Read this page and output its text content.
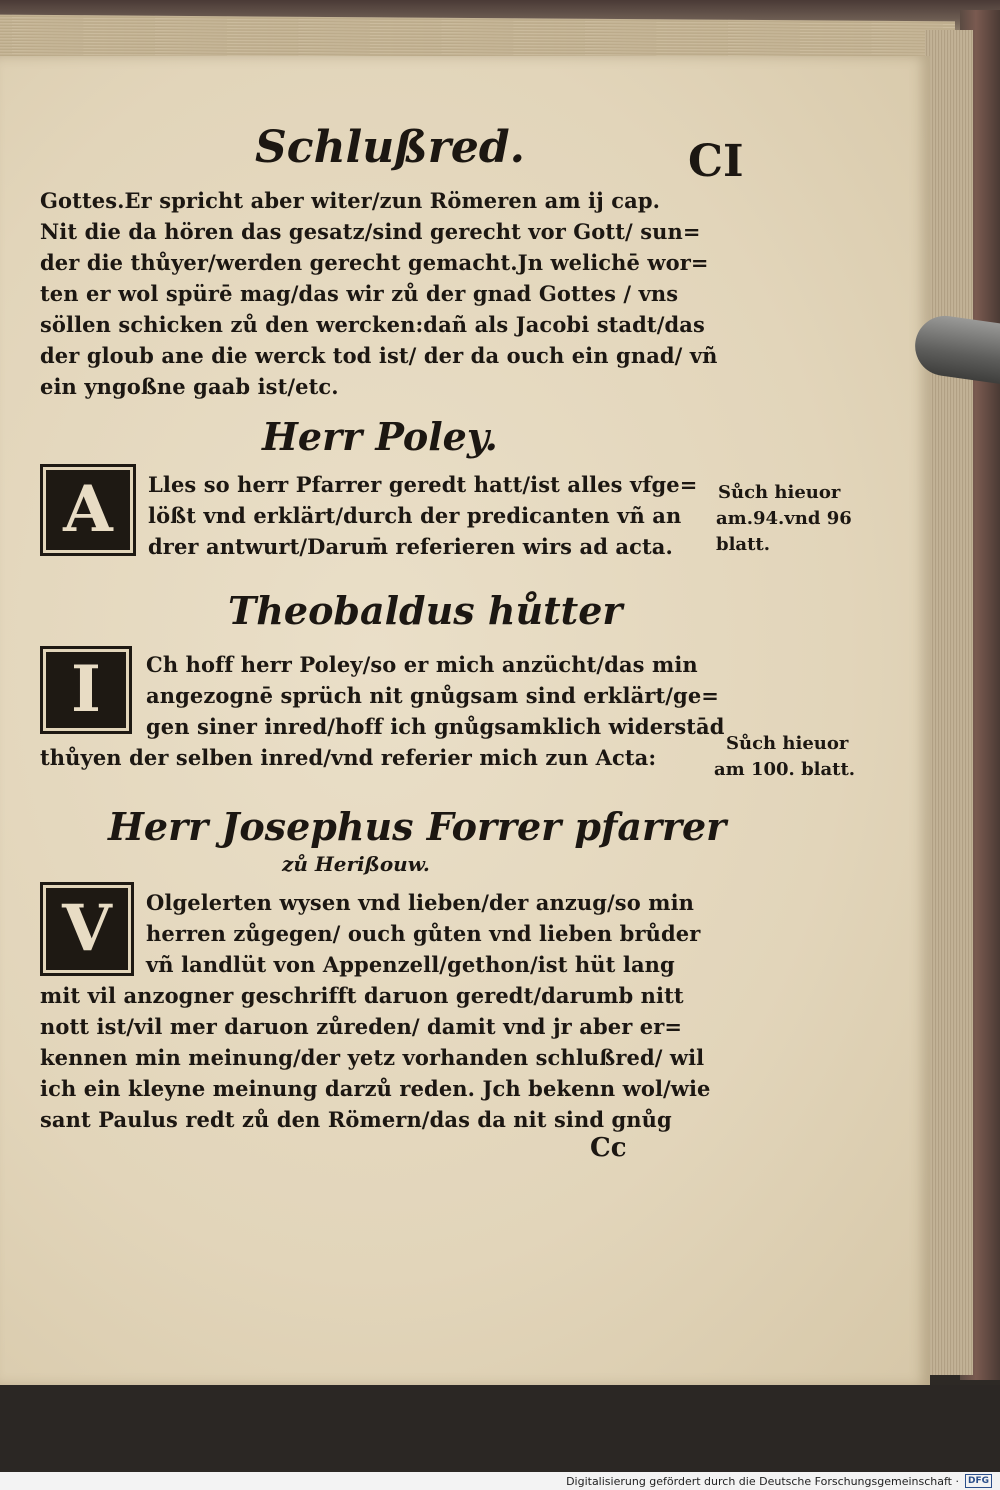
Schlußred.	CI
Gottes.Er spricht aber witer/zun Römeren am ij cap.
Nit die da hören das gesatz/sind gerecht vor Gott/ sun=
der die thůyer/werden gerecht gemacht.Jn welichē wor=
ten er wol spürē mag/das wir zů der gnad Gottes / vns
söllen schicken zů den wercken:dañ als Jacobi stadt/das
der gloub ane die werck tod ist/ der da ouch ein gnad/ vñ
ein yngoßne gaab ist/etc.
Herr Poley.
A Lles so herr Pfarrer geredt hatt/ist alles vfge=
lößt vnd erklärt/durch der predicanten vñ an
drer antwurt/Darum̄ referieren wirs ad acta.
Sůch hieuor
am.94.vnd 96
blatt.
Theobaldus hůtter
I Ch hoff herr Poley/so er mich anzücht/das min
angezognē sprüch nit gnůgsam sind erklärt/ge=
gen siner inred/hoff ich gnůgsamklich widerstād
thůyen der selben inred/vnd referier mich zun Acta:
Sůch hieuor
am 100. blatt.
Herr Josephus Forrer pfarrer
zů Herißouw.
V Olgelerten wysen vnd lieben/der anzug/so min
herren zůgegen/ ouch gůten vnd lieben brůder
vñ landlüt von Appenzell/gethon/ist hüt lang
mit vil anzogner geschrifft daruon geredt/darumb nitt
nott ist/vil mer daruon zůreden/ damit vnd jr aber er=
kennen min meinung/der yetz vorhanden schlußred/ wil
ich ein kleyne meinung darzů reden. Jch bekenn wol/wie
sant Paulus redt zů den Römern/das da nit sind gnůg
Cc
Digitalisierung gefördert durch die Deutsche Forschungsgemeinschaft ·	DFG
